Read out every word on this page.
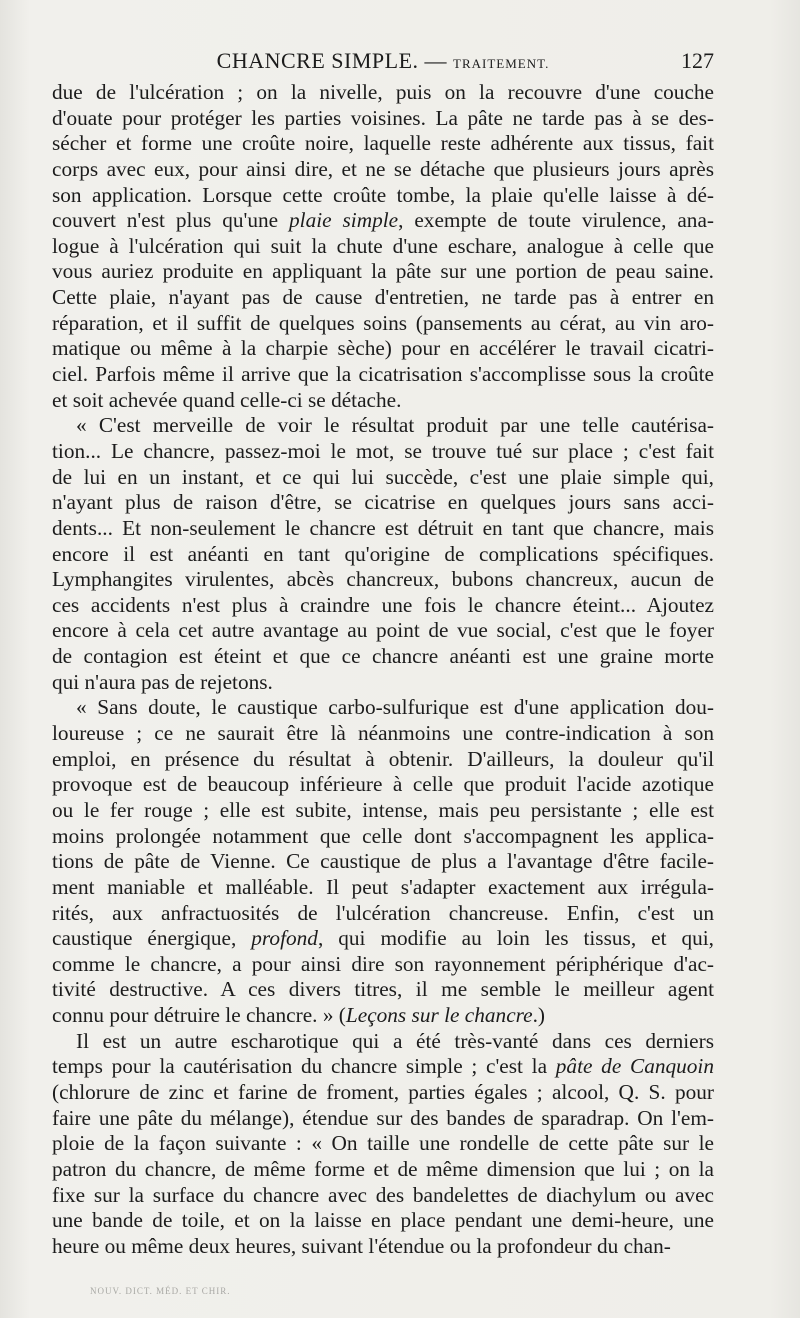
CHANCRE SIMPLE. — TRAITEMENT.	127
due de l'ulcération ; on la nivelle, puis on la recouvre d'une couche
d'ouate pour protéger les parties voisines. La pâte ne tarde pas à se des-
sécher et forme une croûte noire, laquelle reste adhérente aux tissus, fait
corps avec eux, pour ainsi dire, et ne se détache que plusieurs jours après
son application. Lorsque cette croûte tombe, la plaie qu'elle laisse à dé-
couvert n'est plus qu'une plaie simple, exempte de toute virulence, ana-
logue à l'ulcération qui suit la chute d'une eschare, analogue à celle que
vous auriez produite en appliquant la pâte sur une portion de peau saine.
Cette plaie, n'ayant pas de cause d'entretien, ne tarde pas à entrer en
réparation, et il suffit de quelques soins (pansements au cérat, au vin aro-
matique ou même à la charpie sèche) pour en accélérer le travail cicatri-
ciel. Parfois même il arrive que la cicatrisation s'accomplisse sous la croûte
et soit achevée quand celle-ci se détache.
« C'est merveille de voir le résultat produit par une telle cautérisa-
tion... Le chancre, passez-moi le mot, se trouve tué sur place ; c'est fait
de lui en un instant, et ce qui lui succède, c'est une plaie simple qui,
n'ayant plus de raison d'être, se cicatrise en quelques jours sans acci-
dents... Et non-seulement le chancre est détruit en tant que chancre, mais
encore il est anéanti en tant qu'origine de complications spécifiques.
Lymphangites virulentes, abcès chancreux, bubons chancreux, aucun de
ces accidents n'est plus à craindre une fois le chancre éteint... Ajoutez
encore à cela cet autre avantage au point de vue social, c'est que le foyer
de contagion est éteint et que ce chancre anéanti est une graine morte
qui n'aura pas de rejetons.
« Sans doute, le caustique carbo-sulfurique est d'une application dou-
loureuse ; ce ne saurait être là néanmoins une contre-indication à son
emploi, en présence du résultat à obtenir. D'ailleurs, la douleur qu'il
provoque est de beaucoup inférieure à celle que produit l'acide azotique
ou le fer rouge ; elle est subite, intense, mais peu persistante ; elle est
moins prolongée notamment que celle dont s'accompagnent les applica-
tions de pâte de Vienne. Ce caustique de plus a l'avantage d'être facile-
ment maniable et malléable. Il peut s'adapter exactement aux irrégula-
rités, aux anfractuosités de l'ulcération chancreuse. Enfin, c'est un
caustique énergique, profond, qui modifie au loin les tissus, et qui,
comme le chancre, a pour ainsi dire son rayonnement périphérique d'ac-
tivité destructive. A ces divers titres, il me semble le meilleur agent
connu pour détruire le chancre. » (Leçons sur le chancre.)
Il est un autre escharotique qui a été très-vanté dans ces derniers
temps pour la cautérisation du chancre simple ; c'est la pâte de Canquoin
(chlorure de zinc et farine de froment, parties égales ; alcool, Q. S. pour
faire une pâte du mélange), étendue sur des bandes de sparadrap. On l'em-
ploie de la façon suivante : « On taille une rondelle de cette pâte sur le
patron du chancre, de même forme et de même dimension que lui ; on la
fixe sur la surface du chancre avec des bandelettes de diachylum ou avec
une bande de toile, et on la laisse en place pendant une demi-heure, une
heure ou même deux heures, suivant l'étendue ou la profondeur du chan-
NOUV. DICT. MÉD. ET CHIR.
